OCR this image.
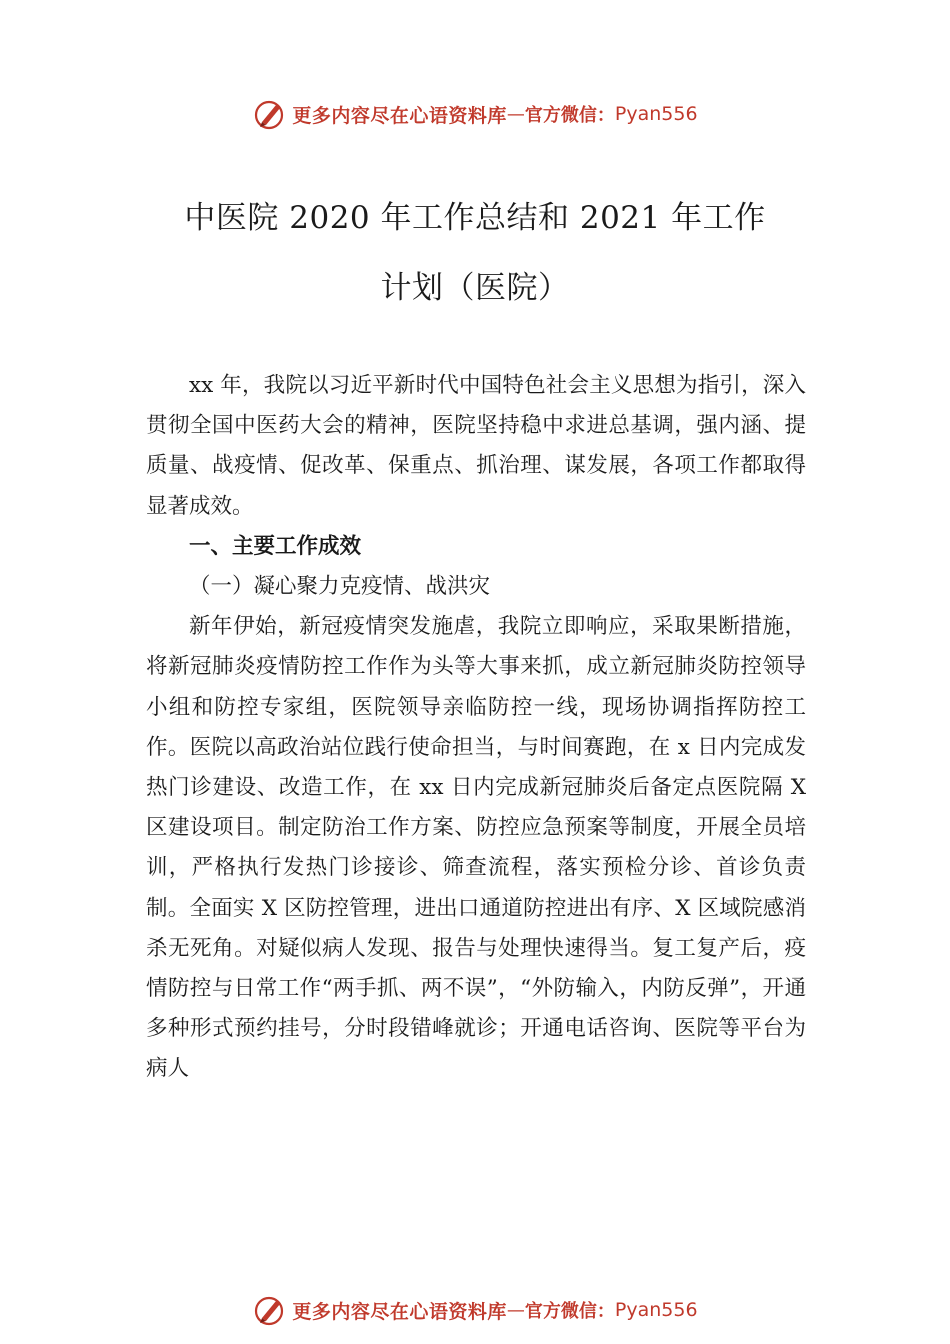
更多内容尽在心语资料库 — 官方微信： Pyan556
中医院 2020 年工作总结和 2021 年工作
计划（医院）

xx 年，我院以习近平新时代中国特色社会主义思想为指引，深入贯彻全国中医药大会的精神，医院坚持稳中求进总基调，强内涵、提质量、战疫情、促改革、保重点、抓治理、谋发展，各项工作都取得显著成效。

一、主要工作成效
（一）凝心聚力克疫情、战洪灾

新年伊始，新冠疫情突发施虐，我院立即响应，采取果断措施，将新冠肺炎疫情防控工作作为头等大事来抓，成立新冠肺炎防控领导小组和防控专家组，医院领导亲临防控一线，现场协调指挥防控工作。医院以高政治站位践行使命担当，与时间赛跑，在 x 日内完成发热门诊建设、改造工作，在 xx 日内完成新冠肺炎后备定点医院隔 X 区建设项目。制定防治工作方案、防控应急预案等制度，开展全员培训，严格执行发热门诊接诊、筛查流程，落实预检分诊、首诊负责制。全面实 X 区防控管理，进出口通道防控进出有序、X 区域院感消杀无死角。对疑似病人发现、报告与处理快速得当。复工复产后，疫情防控与日常工作“两手抓、两不误”，“外防输入，内防反弹”，开通多种形式预约挂号，分时段错峰就诊；开通电话咨询、医院等平台为病人

更多内容尽在心语资料库 — 官方微信： Pyan556
